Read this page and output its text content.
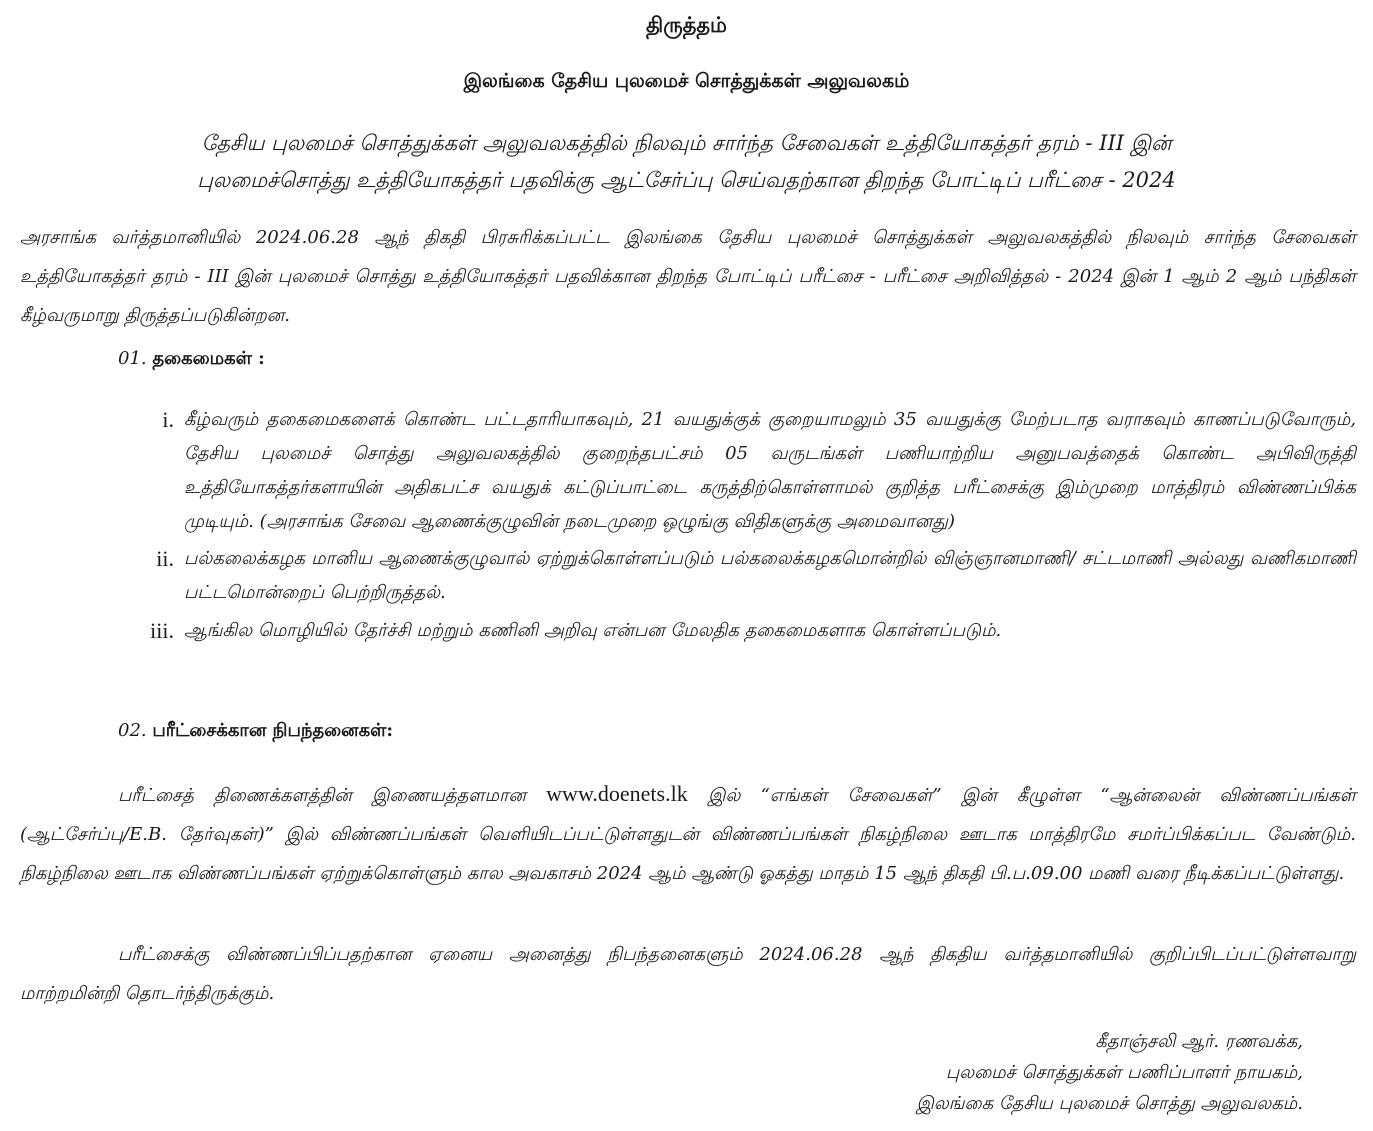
திருத்தம்
இலங்கை தேசிய புலமைச் சொத்துக்கள் அலுவலகம்
தேசிய புலமைச் சொத்துக்கள் அலுவலகத்தில் நிலவும் சார்ந்த சேவைகள் உத்தியோகத்தர் தரம் - III இன்
புலமைச்சொத்து உத்தியோகத்தர் பதவிக்கு ஆட்சேர்ப்பு செய்வதற்கான திறந்த போட்டிப் பரீட்சை - 2024
அரசாங்க வர்த்தமானியில் 2024.06.28 ஆந் திகதி பிரசுரிக்கப்பட்ட இலங்கை தேசிய புலமைச் சொத்துக்கள் அலுவலகத்தில் நிலவும் சார்ந்த சேவைகள் உத்தியோகத்தர் தரம் - III இன் புலமைச் சொத்து உத்தியோகத்தர் பதவிக்கான திறந்த போட்டிப் பரீட்சை - பரீட்சை அறிவித்தல் - 2024 இன் 1 ஆம் 2 ஆம் பந்திகள் கீழ்வருமாறு திருத்தப்படுகின்றன.
01. தகைமைகள் :
i. கீழ்வரும் தகைமைகளைக் கொண்ட பட்டதாரியாகவும், 21 வயதுக்குக் குறையாமலும் 35 வயதுக்கு மேற்படாத வராகவும் காணப்படுவோரும், தேசிய புலமைச் சொத்து அலுவலகத்தில் குறைந்தபட்சம் 05 வருடங்கள் பணியாற்றிய அனுபவத்தைக் கொண்ட அபிவிருத்தி உத்தியோகத்தர்களாயின் அதிகபட்ச வயதுக் கட்டுப்பாட்டை கருத்திற்கொள்ளாமல் குறித்த பரீட்சைக்கு இம்முறை மாத்திரம் விண்ணப்பிக்க முடியும். (அரசாங்க சேவை ஆணைக்குழுவின் நடைமுறை ஒழுங்கு விதிகளுக்கு அமைவானது)
ii. பல்கலைக்கழக மானிய ஆணைக்குழுவால் ஏற்றுக்கொள்ளப்படும் பல்கலைக்கழகமொன்றில் விஞ்ஞானமாணி/ சட்டமாணி அல்லது வணிகமாணி பட்டமொன்றைப் பெற்றிருத்தல்.
iii. ஆங்கில மொழியில் தேர்ச்சி மற்றும் கணினி அறிவு என்பன மேலதிக தகைமைகளாக கொள்ளப்படும்.
02. பரீட்சைக்கான நிபந்தனைகள்:
பரீட்சைத் திணைக்களத்தின் இணையத்தளமான www.doenets.lk இல் “எங்கள் சேவைகள்” இன் கீழுள்ள “ஆன்லைன் விண்ணப்பங்கள் (ஆட்சேர்ப்பு/E.B. தேர்வுகள்)” இல் விண்ணப்பங்கள் வெளியிடப்பட்டுள்ளதுடன் விண்ணப்பங்கள் நிகழ்நிலை ஊடாக மாத்திரமே சமர்ப்பிக்கப்பட வேண்டும். நிகழ்நிலை ஊடாக விண்ணப்பங்கள் ஏற்றுக்கொள்ளும் கால அவகாசம் 2024 ஆம் ஆண்டு ஓகத்து மாதம் 15 ஆந் திகதி பி.ப.09.00 மணி வரை நீடிக்கப்பட்டுள்ளது.
பரீட்சைக்கு விண்ணப்பிப்பதற்கான ஏனைய அனைத்து நிபந்தனைகளும் 2024.06.28 ஆந் திகதிய வர்த்தமானியில் குறிப்பிடப்பட்டுள்ளவாறு மாற்றமின்றி தொடர்ந்திருக்கும்.
கீதாஞ்சலி ஆர். ரணவக்க,
புலமைச் சொத்துக்கள் பணிப்பாளர் நாயகம்,
இலங்கை தேசிய புலமைச் சொத்து அலுவலகம்.
